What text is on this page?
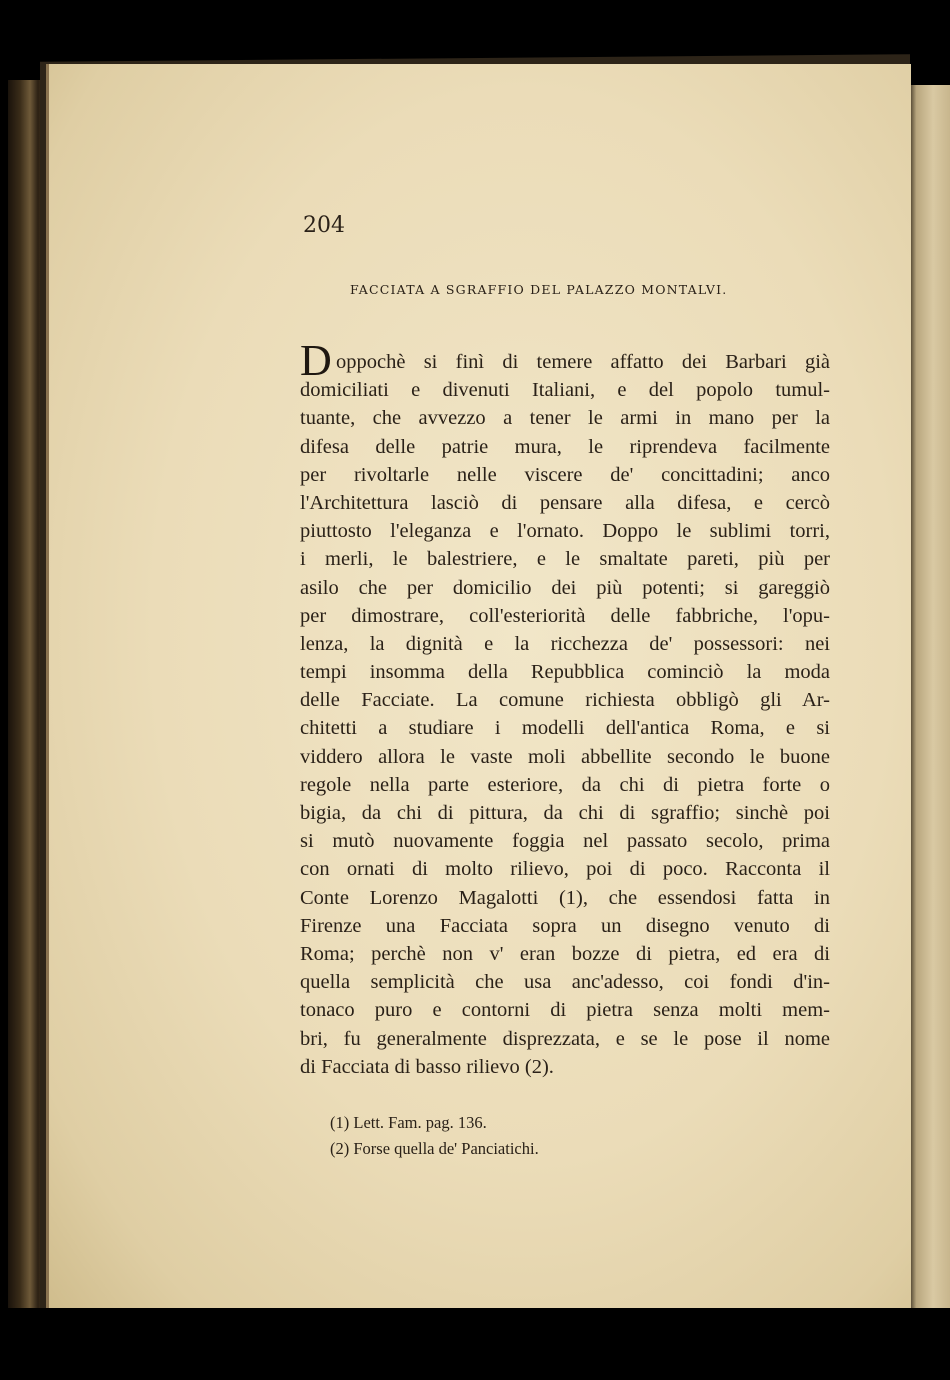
204

FACCIATA A SGRAFFIO DEL PALAZZO MONTALVI.

D oppochè si finì di temere affatto dei Barbari già
domiciliati e divenuti Italiani, e del popolo tumul-
tuante, che avvezzo a tener le armi in mano per la
difesa delle patrie mura, le riprendeva facilmente
per rivoltarle nelle viscere de' concittadini; anco
l'Architettura lasciò di pensare alla difesa, e cercò
piuttosto l'eleganza e l'ornato. Doppo le sublimi torri,
i merli, le balestriere, e le smaltate pareti, più per
asilo che per domicilio dei più potenti; si gareggiò
per dimostrare, coll'esteriorità delle fabbriche, l'opu-
lenza, la dignità e la ricchezza de' possessori: nei
tempi insomma della Repubblica cominciò la moda
delle Facciate. La comune richiesta obbligò gli Ar-
chitetti a studiare i modelli dell'antica Roma, e si
viddero allora le vaste moli abbellite secondo le buone
regole nella parte esteriore, da chi di pietra forte o
bigia, da chi di pittura, da chi di sgraffio; sinchè poi
si mutò nuovamente foggia nel passato secolo, prima
con ornati di molto rilievo, poi di poco. Racconta il
Conte Lorenzo Magalotti (1), che essendosi fatta in
Firenze una Facciata sopra un disegno venuto di
Roma; perchè non v' eran bozze di pietra, ed era di
quella semplicità che usa anc'adesso, coi fondi d'in-
tonaco puro e contorni di pietra senza molti mem-
bri, fu generalmente disprezzata, e se le pose il nome
di Facciata di basso rilievo (2).
(1) Lett. Fam. pag. 136.
(2) Forse quella de' Panciatichi.
